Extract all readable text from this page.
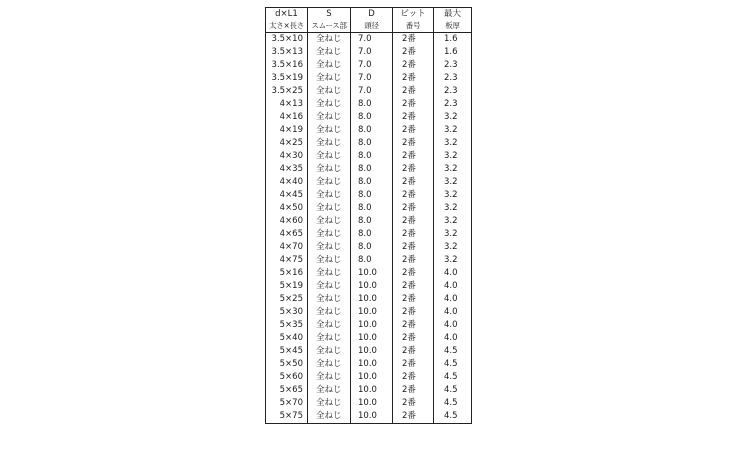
d×L1	S	D	ビット	最大
太さ×長さ	スムース部	頭径	番号	板厚
3.5×10	全ねじ	7.0	2番	1.6
3.5×13	全ねじ	7.0	2番	1.6
3.5×16	全ねじ	7.0	2番	2.3
3.5×19	全ねじ	7.0	2番	2.3
3.5×25	全ねじ	7.0	2番	2.3
4×13	全ねじ	8.0	2番	2.3
4×16	全ねじ	8.0	2番	3.2
4×19	全ねじ	8.0	2番	3.2
4×25	全ねじ	8.0	2番	3.2
4×30	全ねじ	8.0	2番	3.2
4×35	全ねじ	8.0	2番	3.2
4×40	全ねじ	8.0	2番	3.2
4×45	全ねじ	8.0	2番	3.2
4×50	全ねじ	8.0	2番	3.2
4×60	全ねじ	8.0	2番	3.2
4×65	全ねじ	8.0	2番	3.2
4×70	全ねじ	8.0	2番	3.2
4×75	全ねじ	8.0	2番	3.2
5×16	全ねじ	10.0	2番	4.0
5×19	全ねじ	10.0	2番	4.0
5×25	全ねじ	10.0	2番	4.0
5×30	全ねじ	10.0	2番	4.0
5×35	全ねじ	10.0	2番	4.0
5×40	全ねじ	10.0	2番	4.0
5×45	全ねじ	10.0	2番	4.5
5×50	全ねじ	10.0	2番	4.5
5×60	全ねじ	10.0	2番	4.5
5×65	全ねじ	10.0	2番	4.5
5×70	全ねじ	10.0	2番	4.5
5×75	全ねじ	10.0	2番	4.5
